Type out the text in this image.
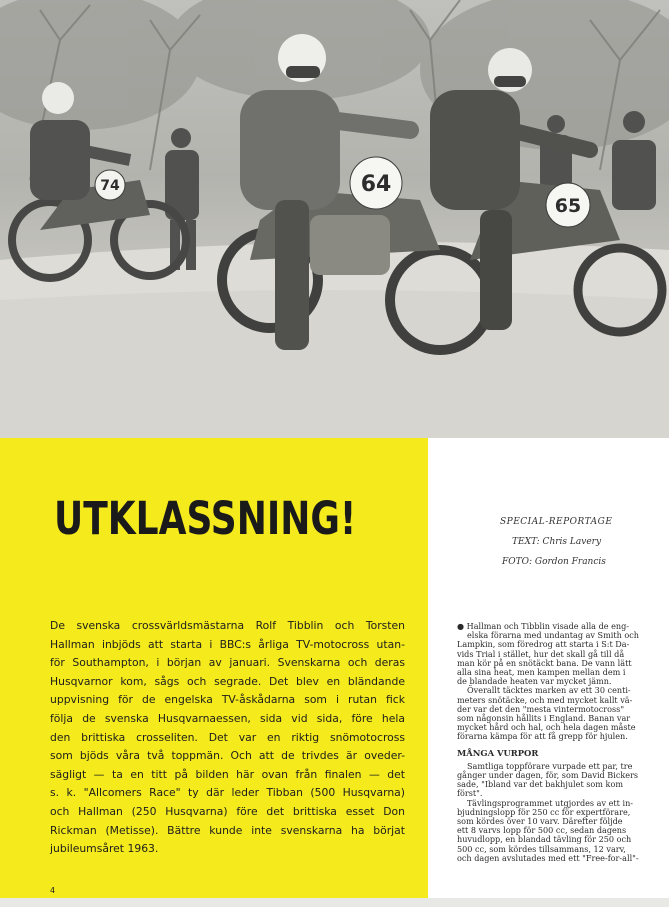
74	64
65
UTKLASSNING!
De svenska crossvärldsmästarna Rolf Tibblin och Torsten
Hallman inbjöds att starta i BBC:s årliga TV-motocross utan-
för Southampton, i början av januari. Svenskarna och deras
Husqvarnor kom, sågs och segrade. Det blev en bländande
uppvisning för de engelska TV-åskådarna som i rutan fick
följa de svenska Husqvarnaessen, sida vid sida, före hela
den brittiska crosseliten. Det var en riktig snömotocross
som bjöds våra två toppmän. Och att de trivdes är oveder-
sägligt — ta en titt på bilden här ovan från finalen — det
s. k. "Allcomers Race" ty där leder Tibban (500 Husqvarna)
och Hallman (250 Husqvarna) före det brittiska esset Don
Rickman (Metisse). Bättre kunde inte svenskarna ha börjat
jubileumsåret 1963.
4
SPECIAL-REPORTAGE
TEXT: Chris Lavery
FOTO: Gordon Francis
● Hallman och Tibblin visade alla de eng-
elska förarna med undantag av Smith och
Lampkin, som föredrog att starta i S:t Da-
vids Trial i stället, hur det skall gå till då
man kör på en snötäckt bana. De vann lätt
alla sina heat, men kampen mellan dem i
de blandade heaten var mycket jämn.
Överallt täcktes marken av ett 30 centi-
meters snötäcke, och med mycket kallt vä-
der var det den "mesta vintermotocross"
som någonsin hållits i England. Banan var
mycket hård och hal, och hela dagen måste
förarna kämpa för att få grepp för hjulen.
MÅNGA VURPOR
Samtliga toppförare vurpade ett par, tre
gånger under dagen, för, som David Bickers
sade, "Ibland var det bakhjulet som kom
först".
Tävlingsprogrammet utgjordes av ett in-
bjudningslopp för 250 cc för expertförare,
som kördes över 10 varv. Därefter följde
ett 8 varvs lopp för 500 cc, sedan dagens
huvudlopp, en blandad tävling för 250 och
500 cc, som kördes tillsammans, 12 varv,
och dagen avslutades med ett "Free-for-all"-
